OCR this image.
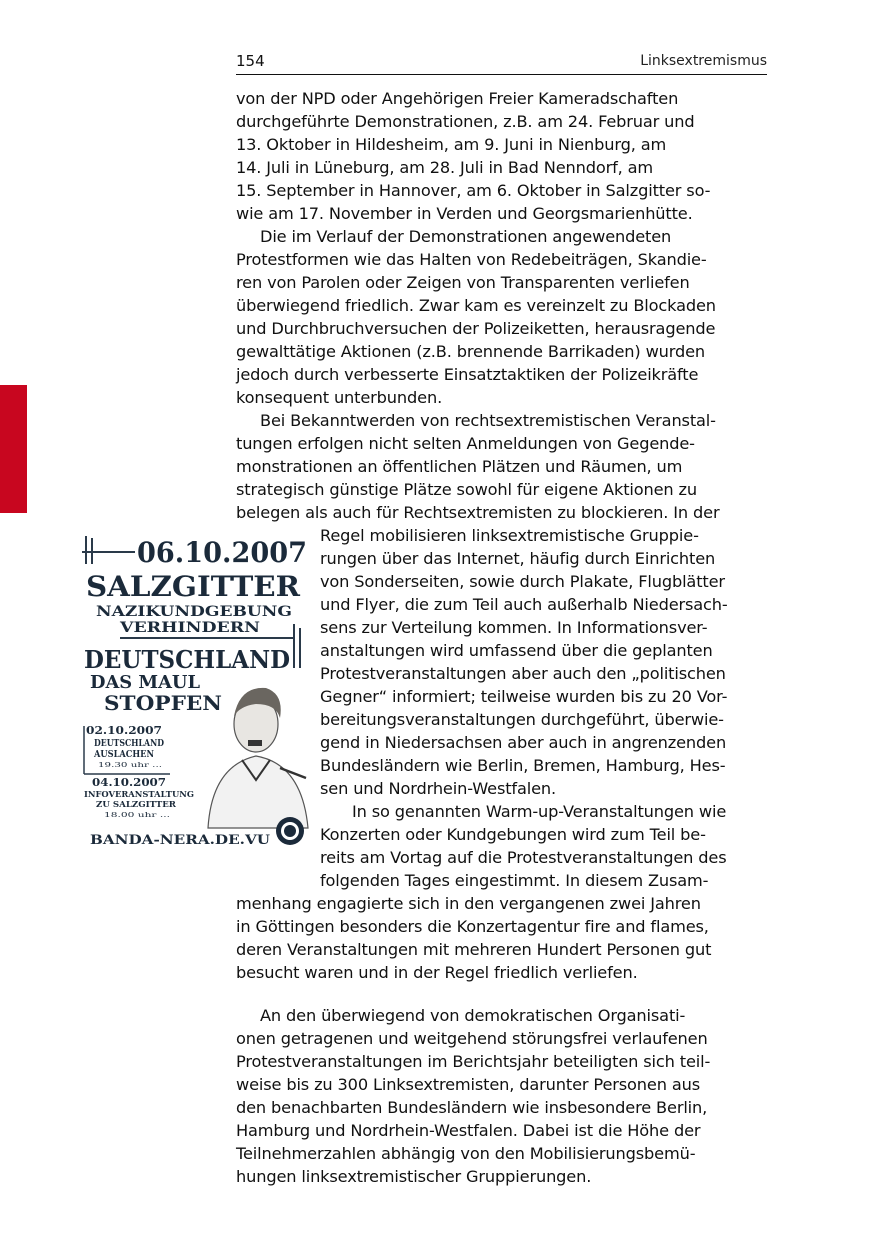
154	Linksextremismus
06.10.2007
SALZGITTER
NAZIKUNDGEBUNG
VERHINDERN
DEUTSCHLAND
DAS MAUL
STOPFEN
02.10.2007
DEUTSCHLAND
AUSLACHEN
19.30 uhr ...
04.10.2007
INFOVERANSTALTUNG
ZU SALZGITTER
18.00 uhr ...
BANDA-NERA.DE.VU
von der NPD oder Angehörigen Freier Kameradschaften
durchgeführte Demonstrationen, z.B. am 24. Februar und
13. Oktober in Hildesheim, am 9. Juni in Nienburg, am
14. Juli in Lüneburg, am 28. Juli in Bad Nenndorf, am
15. September in Hannover, am 6. Oktober in Salzgitter so-
wie am 17. November in Verden und Georgsmarienhütte.
Die im Verlauf der Demonstrationen angewendeten
Protestformen wie das Halten von Redebeiträgen, Skandie-
ren von Parolen oder Zeigen von Transparenten verliefen
überwiegend friedlich. Zwar kam es vereinzelt zu Blockaden
und Durchbruchversuchen der Polizeiketten, herausragende
gewalttätige Aktionen (z.B. brennende Barrikaden) wurden
jedoch durch verbesserte Einsatztaktiken der Polizeikräfte
konsequent unterbunden.
Bei Bekanntwerden von rechtsextremistischen Veranstal-
tungen erfolgen nicht selten Anmeldungen von Gegende-
monstrationen an öffentlichen Plätzen und Räumen, um
strategisch günstige Plätze sowohl für eigene Aktionen zu
belegen als auch für Rechtsextremisten zu blockieren. In der
Regel mobilisieren linksextremistische Gruppie-
rungen über das Internet, häufig durch Einrichten
von Sonderseiten, sowie durch Plakate, Flugblätter
und Flyer, die zum Teil auch außerhalb Niedersach-
sens zur Verteilung kommen. In Informationsver-
anstaltungen wird umfassend über die geplanten
Protestveranstaltungen aber auch den „politischen
Gegner“ informiert; teilweise wurden bis zu 20 Vor-
bereitungsveranstaltungen durchgeführt, überwie-
gend in Niedersachsen aber auch in angrenzenden
Bundesländern wie Berlin, Bremen, Hamburg, Hes-
sen und Nordrhein-Westfalen.
In so genannten Warm-up-Veranstaltungen wie
Konzerten oder Kundgebungen wird zum Teil be-
reits am Vortag auf die Protestveranstaltungen des
folgenden Tages eingestimmt. In diesem Zusam-
menhang engagierte sich in den vergangenen zwei Jahren
in Göttingen besonders die Konzertagentur fire and flames,
deren Veranstaltungen mit mehreren Hundert Personen gut
besucht waren und in der Regel friedlich verliefen.
An den überwiegend von demokratischen Organisati-
onen getragenen und weitgehend störungsfrei verlaufenen
Protestveranstaltungen im Berichtsjahr beteiligten sich teil-
weise bis zu 300 Linksextremisten, darunter Personen aus
den benachbarten Bundesländern wie insbesondere Berlin,
Hamburg und Nordrhein-Westfalen. Dabei ist die Höhe der
Teilnehmerzahlen abhängig von den Mobilisierungsbemü-
hungen linksextremistischer Gruppierungen.
